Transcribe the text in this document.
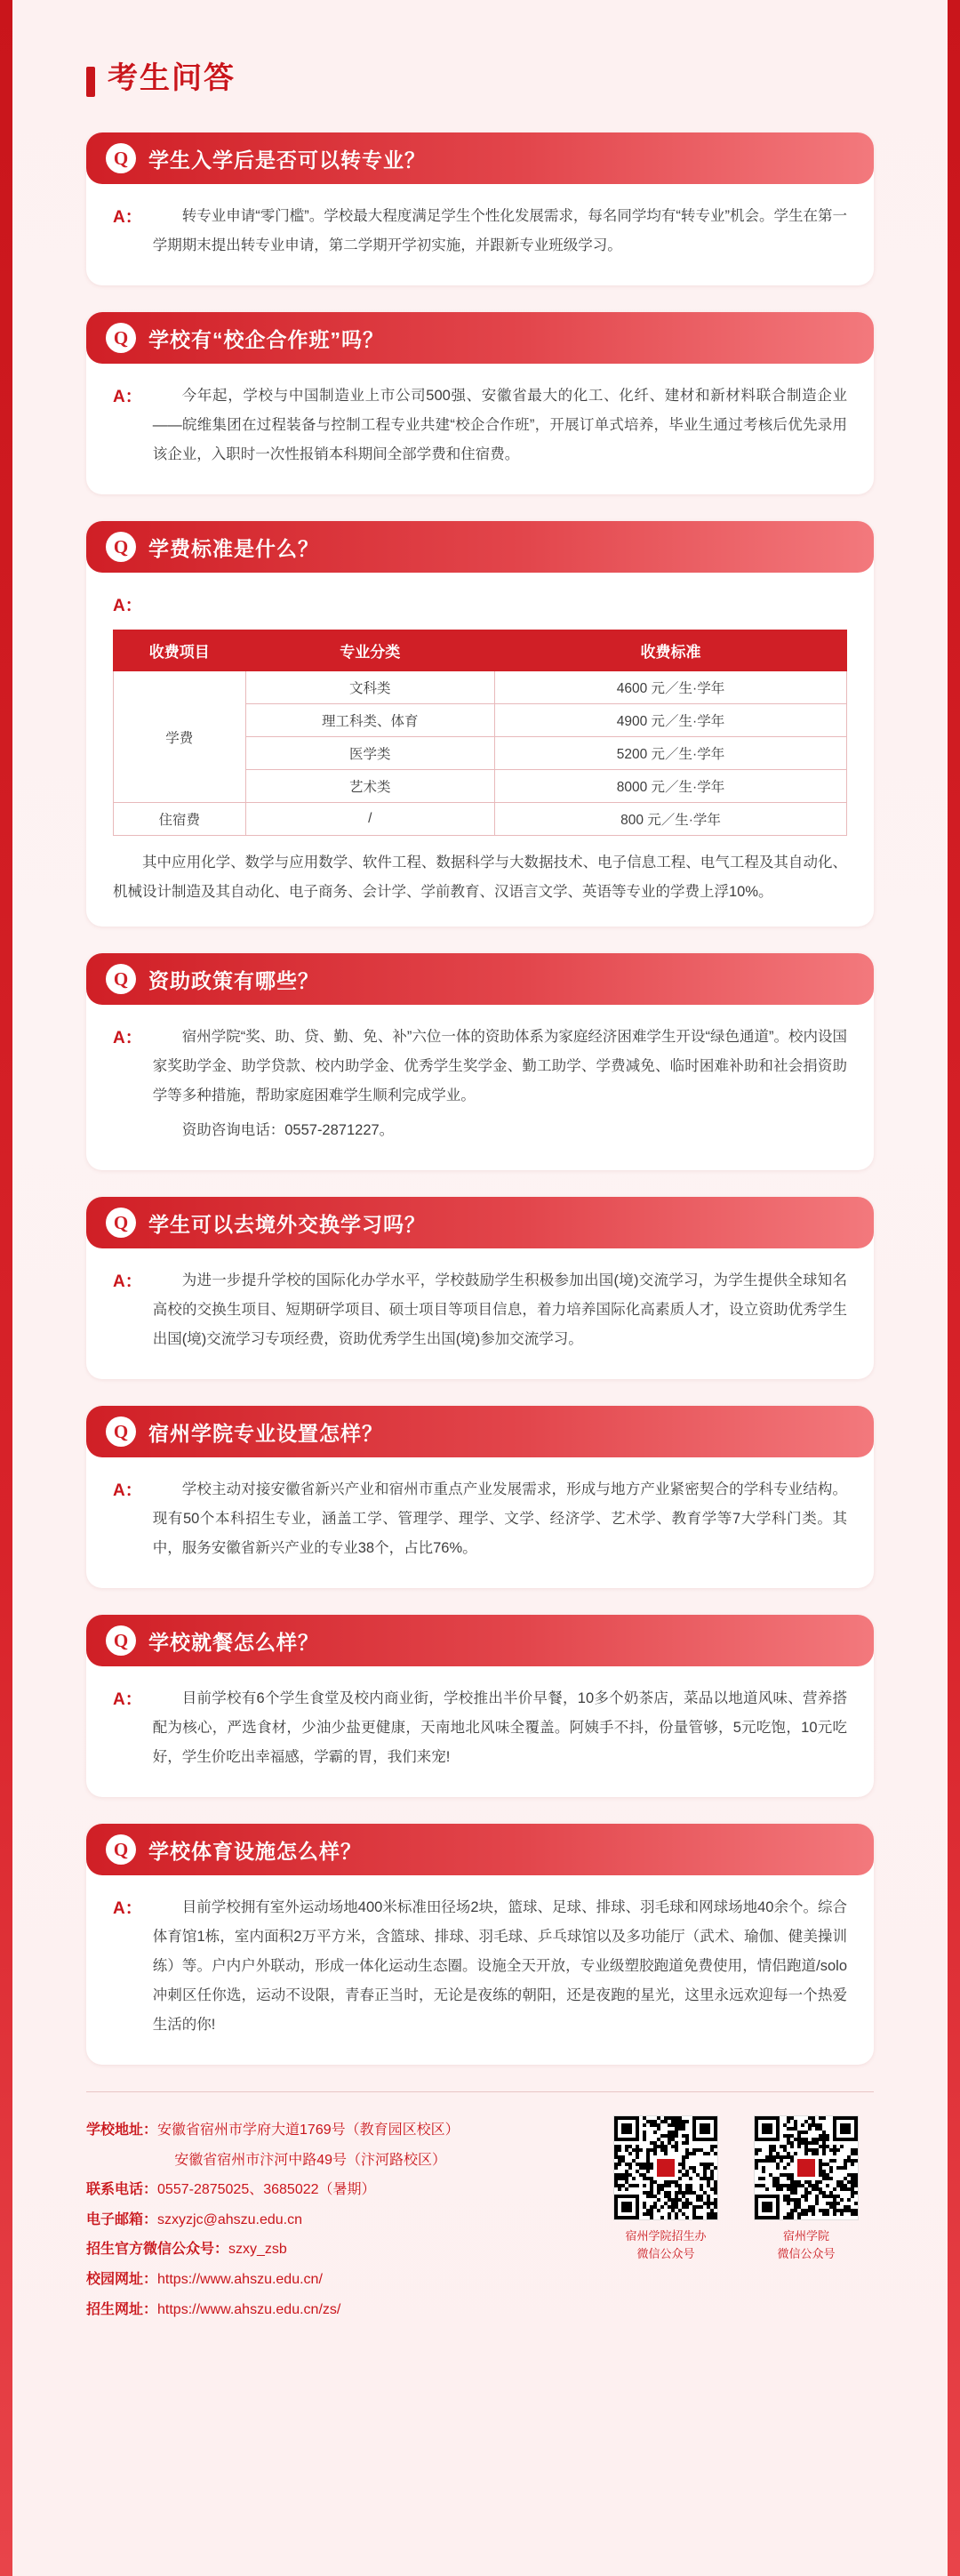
考生问答
Q 学生入学后是否可以转专业？
A：	转专业申请“零门槛”。学校最大程度满足学生个性化发展需求，每名同学均有“转专业”机会。学生在第一学期期末提出转专业申请，第二学期开学初实施，并跟新专业班级学习。

Q 学校有“校企合作班”吗？
A：	今年起，学校与中国制造业上市公司500强、安徽省最大的化工、化纤、建材和新材料联合制造企业——皖维集团在过程装备与控制工程专业共建“校企合作班”，开展订单式培养，毕业生通过考核后优先录用该企业，入职时一次性报销本科期间全部学费和住宿费。

Q 学费标准是什么？
A：
收费项目	专业分类	收费标准
学费	文科类	4600 元／生·学年
	理工科类、体育	4900 元／生·学年
	医学类	5200 元／生·学年
	艺术类	8000 元／生·学年
住宿费	/	800 元／生·学年
其中应用化学、数学与应用数学、软件工程、数据科学与大数据技术、电子信息工程、电气工程及其自动化、机械设计制造及其自动化、电子商务、会计学、学前教育、汉语言文学、英语等专业的学费上浮10%。
Q 资助政策有哪些？
A：	宿州学院“奖、助、贷、勤、免、补”六位一体的资助体系为家庭经济困难学生开设“绿色通道”。校内设国家奖助学金、助学贷款、校内助学金、优秀学生奖学金、勤工助学、学费减免、临时困难补助和社会捐资助学等多种措施，帮助家庭困难学生顺利完成学业。

资助咨询电话：0557-2871227。

Q 学生可以去境外交换学习吗？
A：	为进一步提升学校的国际化办学水平，学校鼓励学生积极参加出国(境)交流学习，为学生提供全球知名高校的交换生项目、短期研学项目、硕士项目等项目信息，着力培养国际化高素质人才，设立资助优秀学生出国(境)交流学习专项经费，资助优秀学生出国(境)参加交流学习。

Q 宿州学院专业设置怎样？
A：	学校主动对接安徽省新兴产业和宿州市重点产业发展需求，形成与地方产业紧密契合的学科专业结构。现有50个本科招生专业，涵盖工学、管理学、理学、文学、经济学、艺术学、教育学等7大学科门类。其中，服务安徽省新兴产业的专业38个，占比76%。

Q 学校就餐怎么样？
A：	目前学校有6个学生食堂及校内商业街，学校推出半价早餐，10多个奶茶店，菜品以地道风味、营养搭配为核心，严选食材，少油少盐更健康，天南地北风味全覆盖。阿姨手不抖，份量管够，5元吃饱，10元吃好，学生价吃出幸福感，学霸的胃，我们来宠!

Q 学校体育设施怎么样？
A：	目前学校拥有室外运动场地400米标准田径场2块，篮球、足球、排球、羽毛球和网球场地40余个。综合体育馆1栋，室内面积2万平方米，含篮球、排球、羽毛球、乒乓球馆以及多功能厅（武术、瑜伽、健美操训练）等。户内户外联动，形成一体化运动生态圈。设施全天开放，专业级塑胶跑道免费使用，情侣跑道/solo冲刺区任你选，运动不设限，青春正当时，无论是夜练的朝阳，还是夜跑的星光，这里永远欢迎每一个热爱生活的你!

学校地址：安徽省宿州市学府大道1769号（教育园区校区）
安徽省宿州市汴河中路49号（汴河路校区）
联系电话：0557-2875025、3685022（暑期）
电子邮箱：szxyzjc@ahszu.edu.cn
招生官方微信公众号：szxy_zsb
校园网址：https://www.ahszu.edu.cn/
招生网址：https://www.ahszu.edu.cn/zs/
宿州学院招生办
微信公众号
宿州学院
微信公众号
